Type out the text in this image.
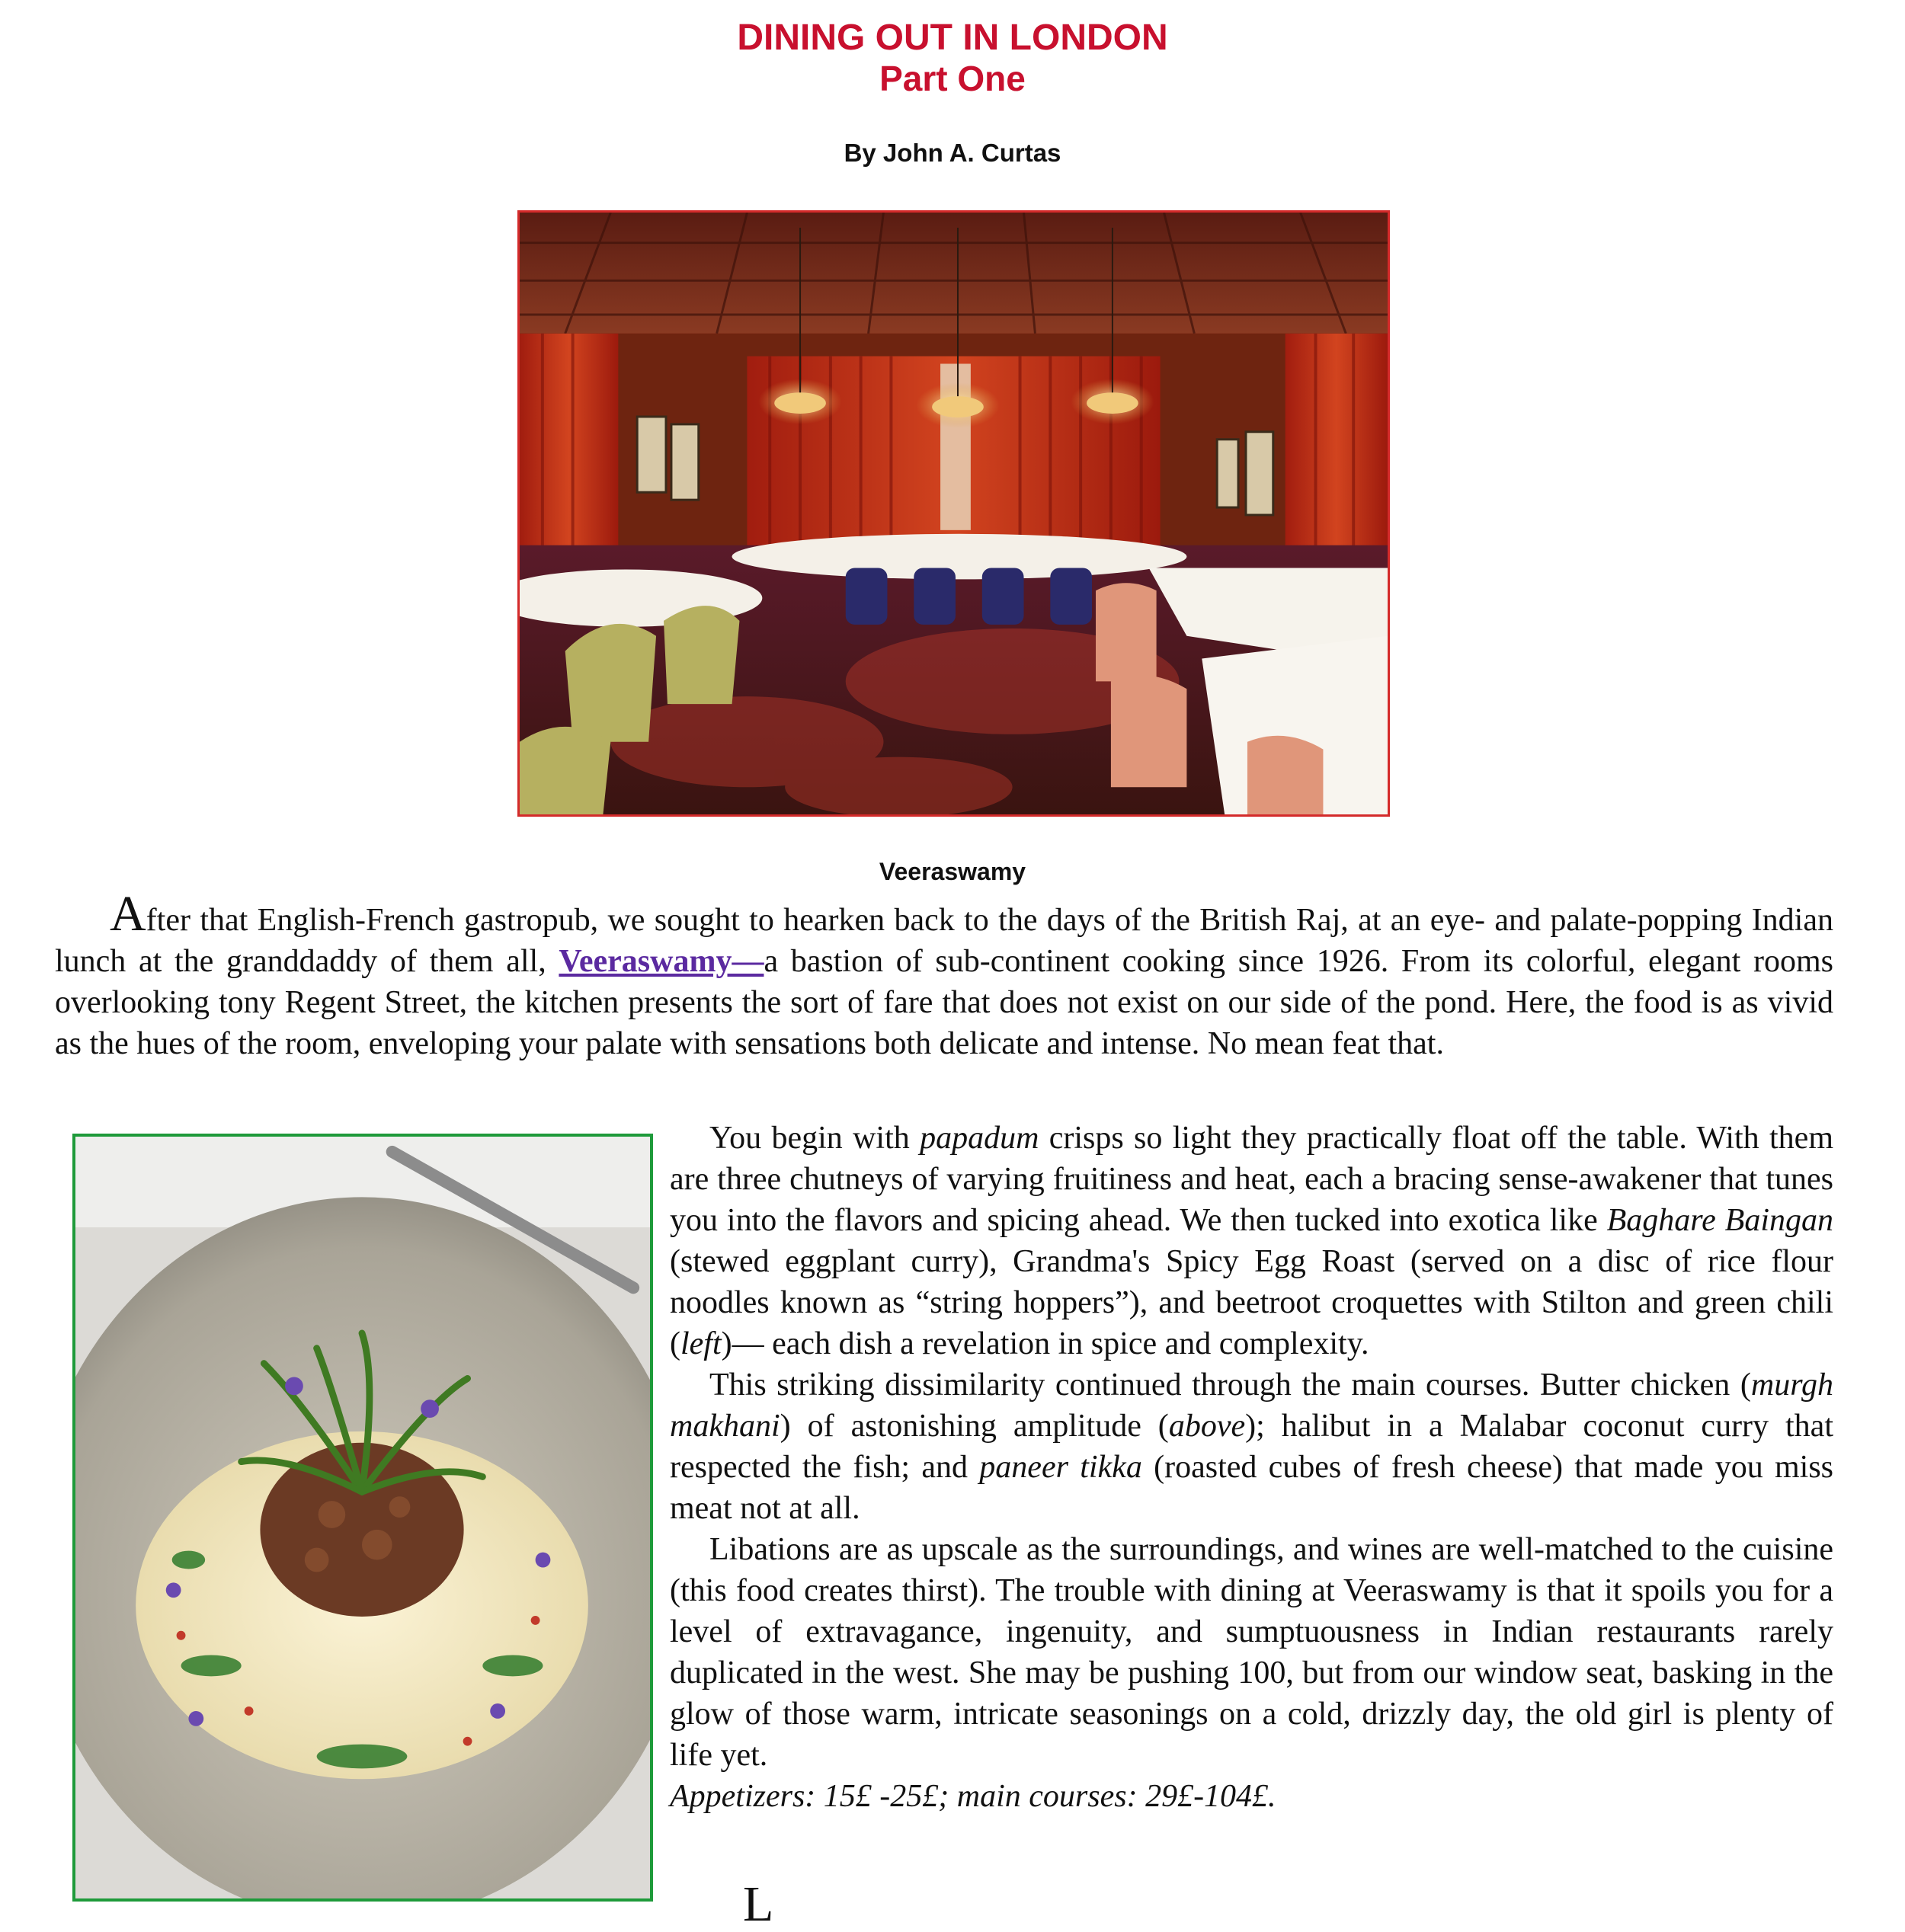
DINING OUT IN LONDON
Part One
By John A. Curtas
Veeraswamy
After that English-French gastropub, we sought to hearken back to the days of the British Raj, at an eye- and palate-popping Indian lunch at the granddaddy of them all, Veeraswamy—a bastion of sub-continent cooking since 1926. From its colorful, elegant rooms overlooking tony Regent Street, the kitchen presents the sort of fare that does not exist on our side of the pond. Here, the food is as vivid as the hues of the room, enveloping your palate with sensations both delicate and intense. No mean feat that.

You begin with papadum crisps so light they practically float off the table. With them are three chutneys of varying fruitiness and heat, each a bracing sense-awakener that tunes you into the flavors and spicing ahead. We then tucked into exotica like Baghare Baingan (stewed eggplant curry), Grandma's Spicy Egg Roast (served on a disc of rice flour noodles known as “string hoppers”), and beetroot croquettes with Stilton and green chili (left)— each dish a revelation in spice and complexity.

This striking dissimilarity continued through the main courses. Butter chicken (murgh makhani) of astonishing amplitude (above); halibut in a Malabar coconut curry that respected the fish; and paneer tikka (roasted cubes of fresh cheese) that made you miss meat not at all.

Libations are as upscale as the surroundings, and wines are well-matched to the cuisine (this food creates thirst). The trouble with dining at Veeraswamy is that it spoils you for a level of extravagance, ingenuity, and sumptuousness in Indian restaurants rarely duplicated in the west. She may be pushing 100, but from our window seat, basking in the glow of those warm, intricate seasonings on a cold, drizzly day, the old girl is plenty of life yet.

Appetizers: 15£ -25£; main courses: 29£-104£.

L
